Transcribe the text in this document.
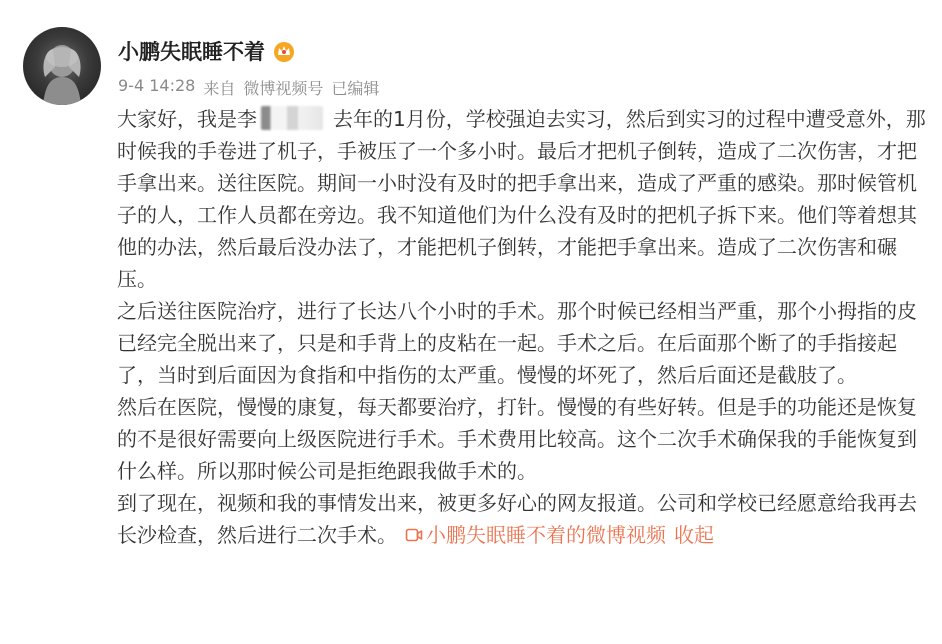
小鹏失眠睡不着
9-4 14:28 来自 微博视频号 已编辑

大家好，我是李	去年的1月份，学校强迫去实习，然后到实习的过程中遭受意外，那时候我的手卷进了机子，手被压了一个多小时。最后才把机子倒转，造成了二次伤害，才把手拿出来。送往医院。期间一小时没有及时的把手拿出来，造成了严重的感染。那时候管机子的人，工作人员都在旁边。我不知道他们为什么没有及时的把机子拆下来。他们等着想其他的办法，然后最后没办法了，才能把机子倒转，才能把手拿出来。造成了二次伤害和碾压。

之后送往医院治疗，进行了长达八个小时的手术。那个时候已经相当严重，那个小拇指的皮已经完全脱出来了，只是和手背上的皮粘在一起。手术之后。在后面那个断了的手指接起了，当时到后面因为食指和中指伤的太严重。慢慢的坏死了，然后后面还是截肢了。

然后在医院，慢慢的康复，每天都要治疗，打针。慢慢的有些好转。但是手的功能还是恢复的不是很好需要向上级医院进行手术。手术费用比较高。这个二次手术确保我的手能恢复到什么样。所以那时候公司是拒绝跟我做手术的。

到了现在，视频和我的事情发出来，被更多好心的网友报道。公司和学校已经愿意给我再去长沙检查，然后进行二次手术。 小鹏失眠睡不着的微博视频 收起
